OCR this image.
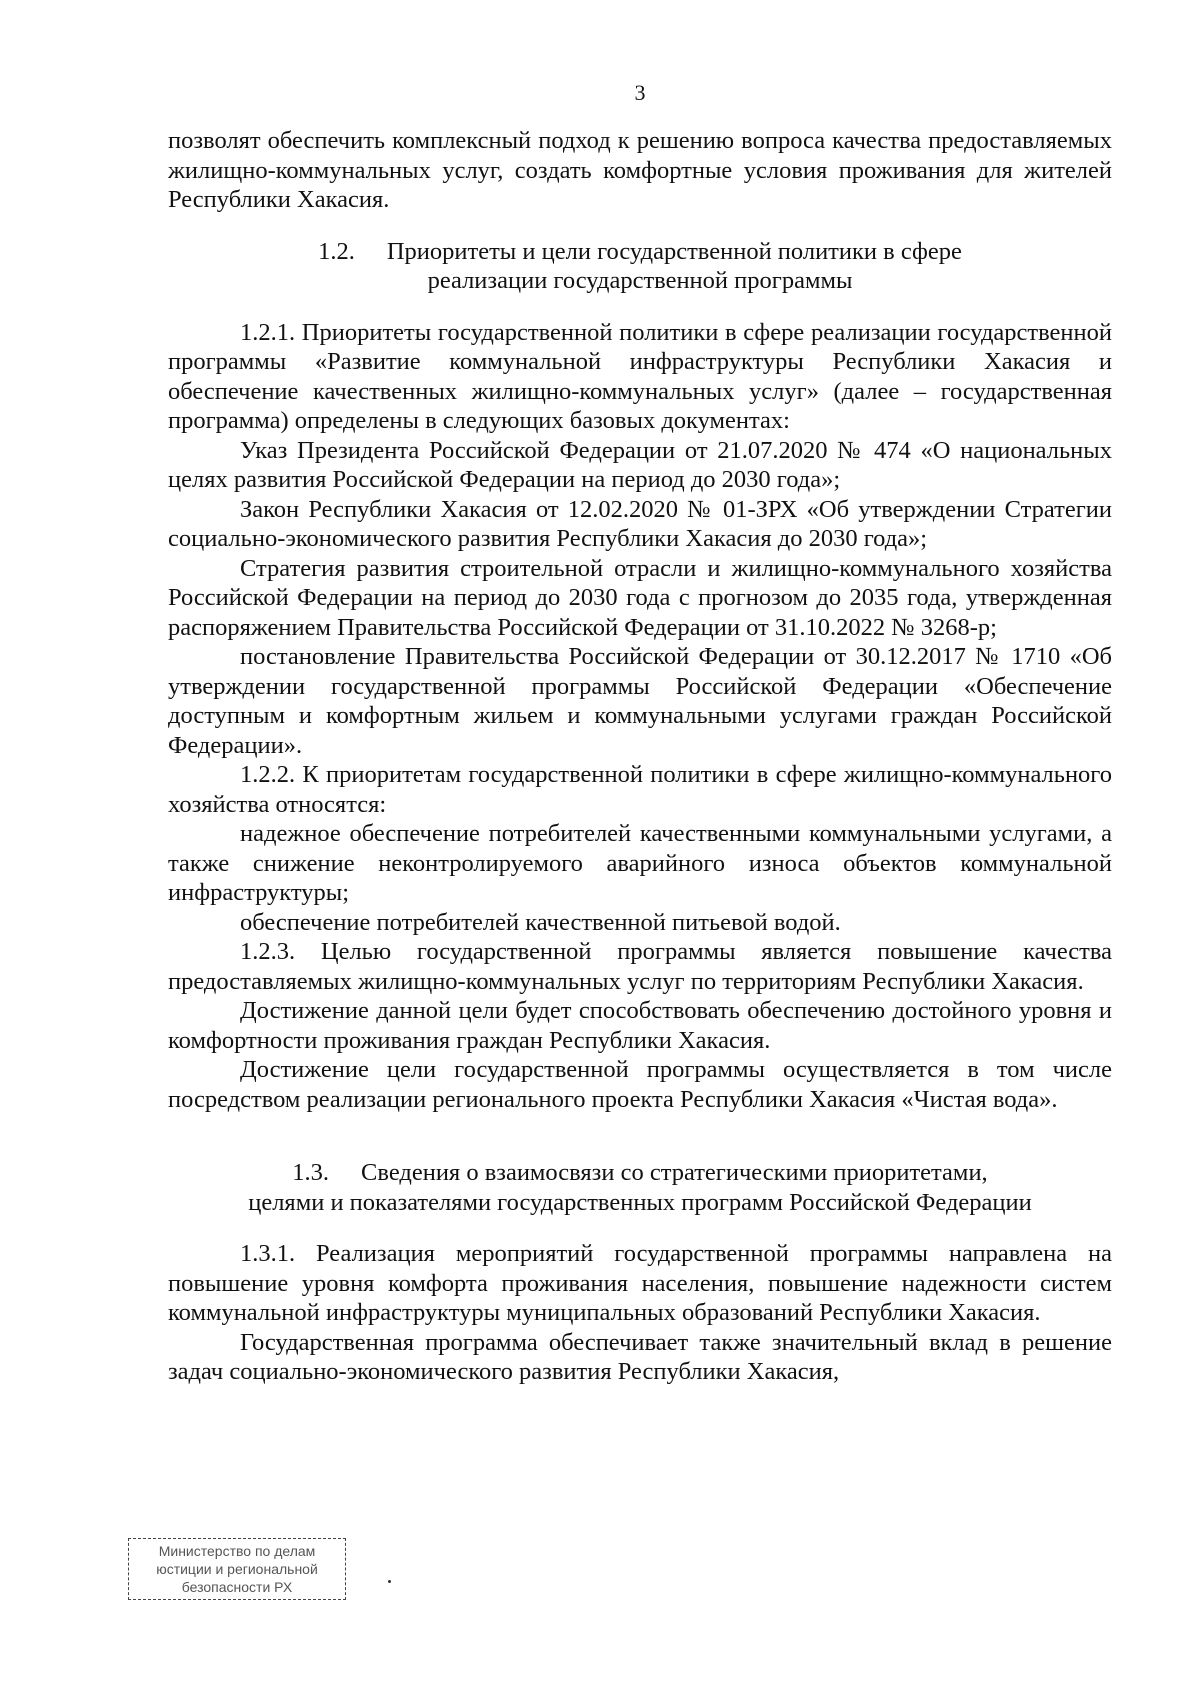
3

позволят обеспечить комплексный подход к решению вопроса качества предоставляемых жилищно-коммунальных услуг, создать комфортные условия проживания для жителей Республики Хакасия.

1.2. Приоритеты и цели государственной политики в сфере
реализации государственной программы

1.2.1. Приоритеты государственной политики в сфере реализации государственной программы «Развитие коммунальной инфраструктуры Республики Хакасия и обеспечение качественных жилищно-коммунальных услуг» (далее – государственная программа) определены в следующих базовых документах:

Указ Президента Российской Федерации от 21.07.2020 № 474 «О национальных целях развития Российской Федерации на период до 2030 года»;

Закон Республики Хакасия от 12.02.2020 № 01-ЗРХ «Об утверждении Стратегии социально-экономического развития Республики Хакасия до 2030 года»;

Стратегия развития строительной отрасли и жилищно-коммунального хозяйства Российской Федерации на период до 2030 года с прогнозом до 2035 года, утвержденная распоряжением Правительства Российской Федерации от 31.10.2022 № 3268-р;

постановление Правительства Российской Федерации от 30.12.2017 № 1710 «Об утверждении государственной программы Российской Федерации «Обеспечение доступным и комфортным жильем и коммунальными услугами граждан Российской Федерации».

1.2.2. К приоритетам государственной политики в сфере жилищно-коммунального хозяйства относятся:

надежное обеспечение потребителей качественными коммунальными услугами, а также снижение неконтролируемого аварийного износа объектов коммунальной инфраструктуры;

обеспечение потребителей качественной питьевой водой.

1.2.3. Целью государственной программы является повышение качества предоставляемых жилищно-коммунальных услуг по территориям Республики Хакасия.

Достижение данной цели будет способствовать обеспечению достойного уровня и комфортности проживания граждан Республики Хакасия.

Достижение цели государственной программы осуществляется в том числе посредством реализации регионального проекта Республики Хакасия «Чистая вода».

1.3. Сведения о взаимосвязи со стратегическими приоритетами,
целями и показателями государственных программ Российской Федерации

1.3.1. Реализация мероприятий государственной программы направлена на повышение уровня комфорта проживания населения, повышение надежности систем коммунальной инфраструктуры муниципальных образований Республики Хакасия.

Государственная программа обеспечивает также значительный вклад в решение задач социально-экономического развития Республики Хакасия,

Министерство по делам
юстиции и региональной
безопасности РХ
